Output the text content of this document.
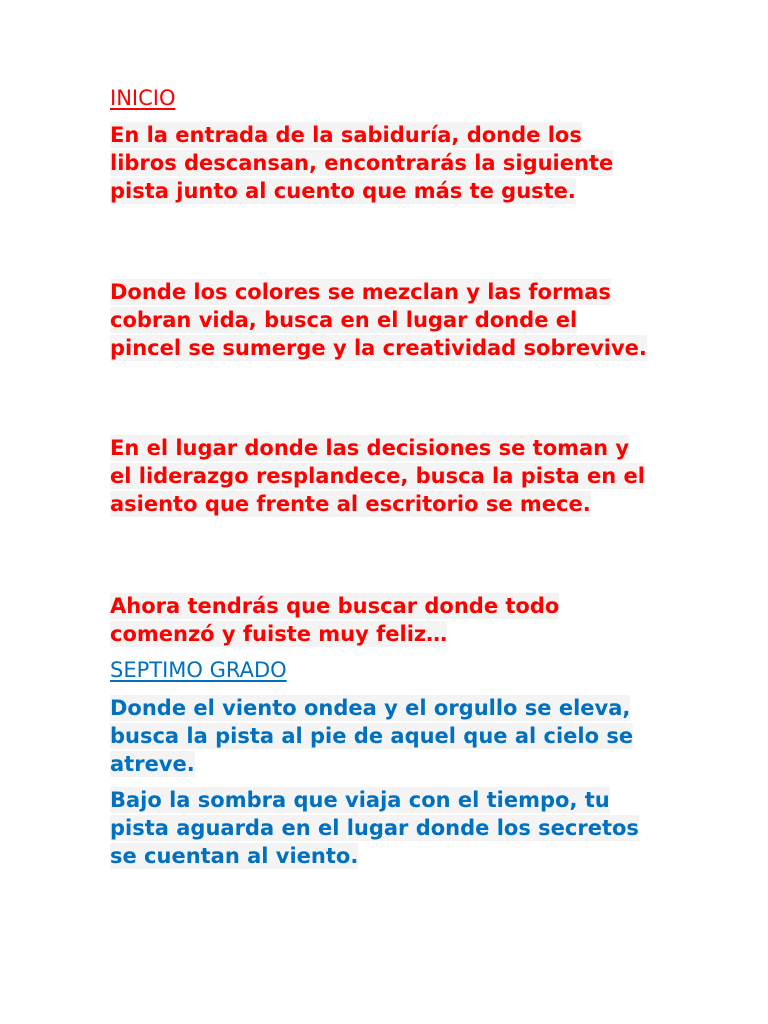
INICIO

En la entrada de la sabiduría, donde los libros descansan, encontrarás la siguiente pista junto al cuento que más te guste.

Donde los colores se mezclan y las formas cobran vida, busca en el lugar donde el pincel se sumerge y la creatividad sobrevive.

En el lugar donde las decisiones se toman y el liderazgo resplandece, busca la pista en el asiento que frente al escritorio se mece.

Ahora tendrás que buscar donde todo comenzó y fuiste muy feliz…

SEPTIMO GRADO

Donde el viento ondea y el orgullo se eleva, busca la pista al pie de aquel que al cielo se atreve.

Bajo la sombra que viaja con el tiempo, tu pista aguarda en el lugar donde los secretos se cuentan al viento.
